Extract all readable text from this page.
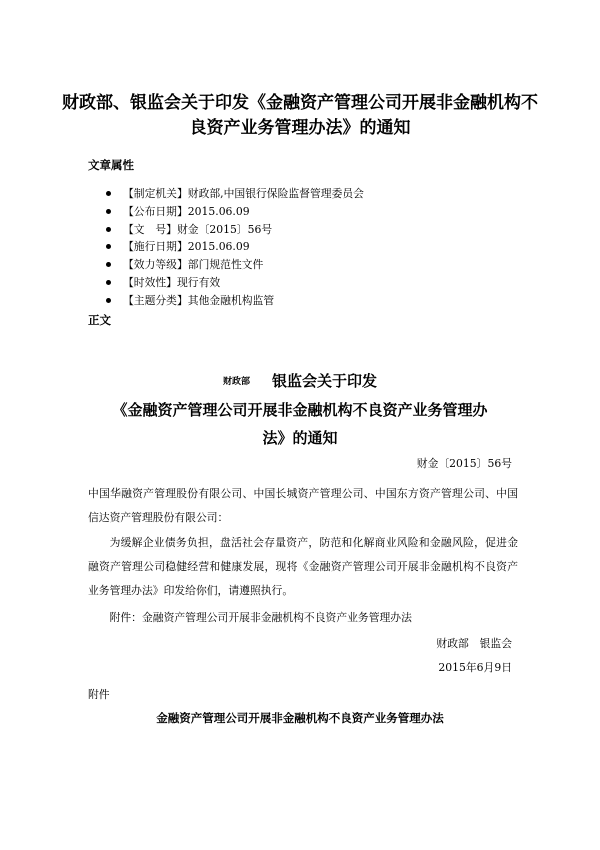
财政部、银监会关于印发《金融资产管理公司开展非金融机构不良资产业务管理办法》的通知
文章属性
【制定机关】财政部,中国银行保险监督管理委员会
【公布日期】2015.06.09
【文　号】财金〔2015〕56号
【施行日期】2015.06.09
【效力等级】部门规范性文件
【时效性】现行有效
【主题分类】其他金融机构监管
正文
财政部 银监会关于印发
《金融资产管理公司开展非金融机构不良资产业务管理办法》的通知
财金〔2015〕56号

中国华融资产管理股份有限公司、中国长城资产管理公司、中国东方资产管理公司、中国信达资产管理股份有限公司：

为缓解企业债务负担，盘活社会存量资产，防范和化解商业风险和金融风险，促进金融资产管理公司稳健经营和健康发展，现将《金融资产管理公司开展非金融机构不良资产业务管理办法》印发给你们，请遵照执行。

附件：金融资产管理公司开展非金融机构不良资产业务管理办法

财政部　银监会
2015年6月9日
附件
金融资产管理公司开展非金融机构不良资产业务管理办法
